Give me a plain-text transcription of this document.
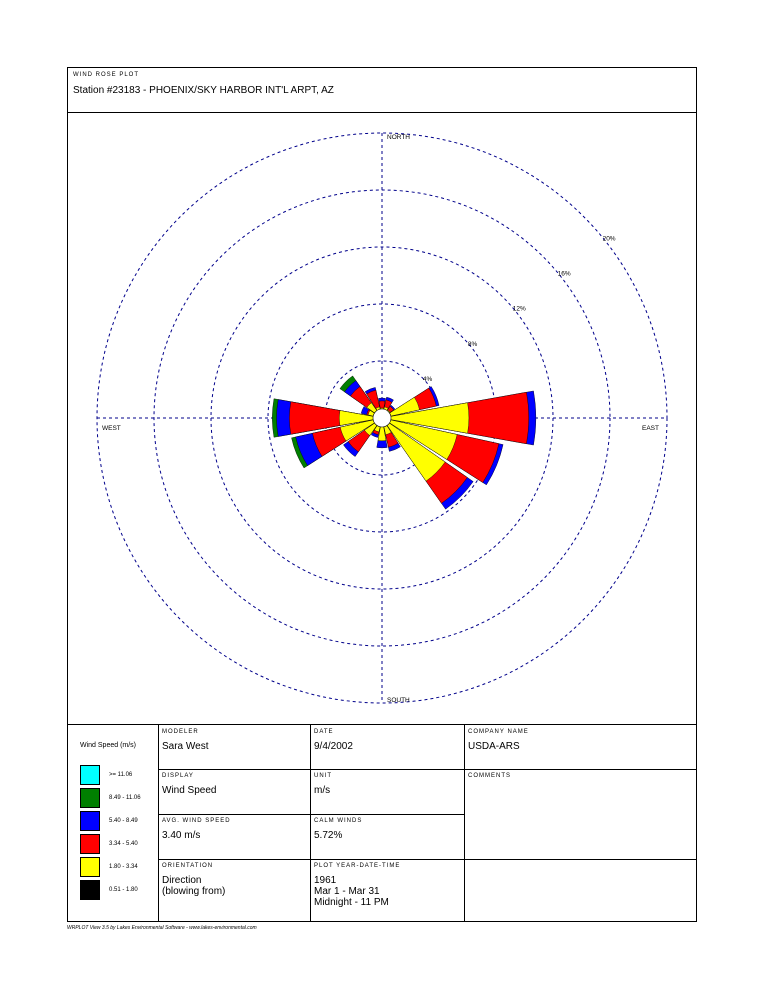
WIND ROSE PLOT
Station #23183 - PHOENIX/SKY HARBOR INT'L ARPT, AZ
4%
8%
12%
16%
20%
NORTH
SOUTH
EAST
WEST
Wind Speed (m/s)
>= 11.06
8.49 - 11.06
5.40 - 8.49
3.34 - 5.40
1.80 - 3.34
0.51 - 1.80
MODELER
Sara West
DATE
9/4/2002
COMPANY NAME
USDA-ARS
DISPLAY
Wind Speed
UNIT
m/s
COMMENTS
AVG. WIND SPEED
3.40 m/s
CALM WINDS
5.72%
ORIENTATION
Direction
(blowing from)
PLOT YEAR-DATE-TIME
1961
Mar 1 - Mar 31
Midnight - 11 PM
WRPLOT View 3.5 by Lakes Environmental Software - www.lakes-environmental.com
